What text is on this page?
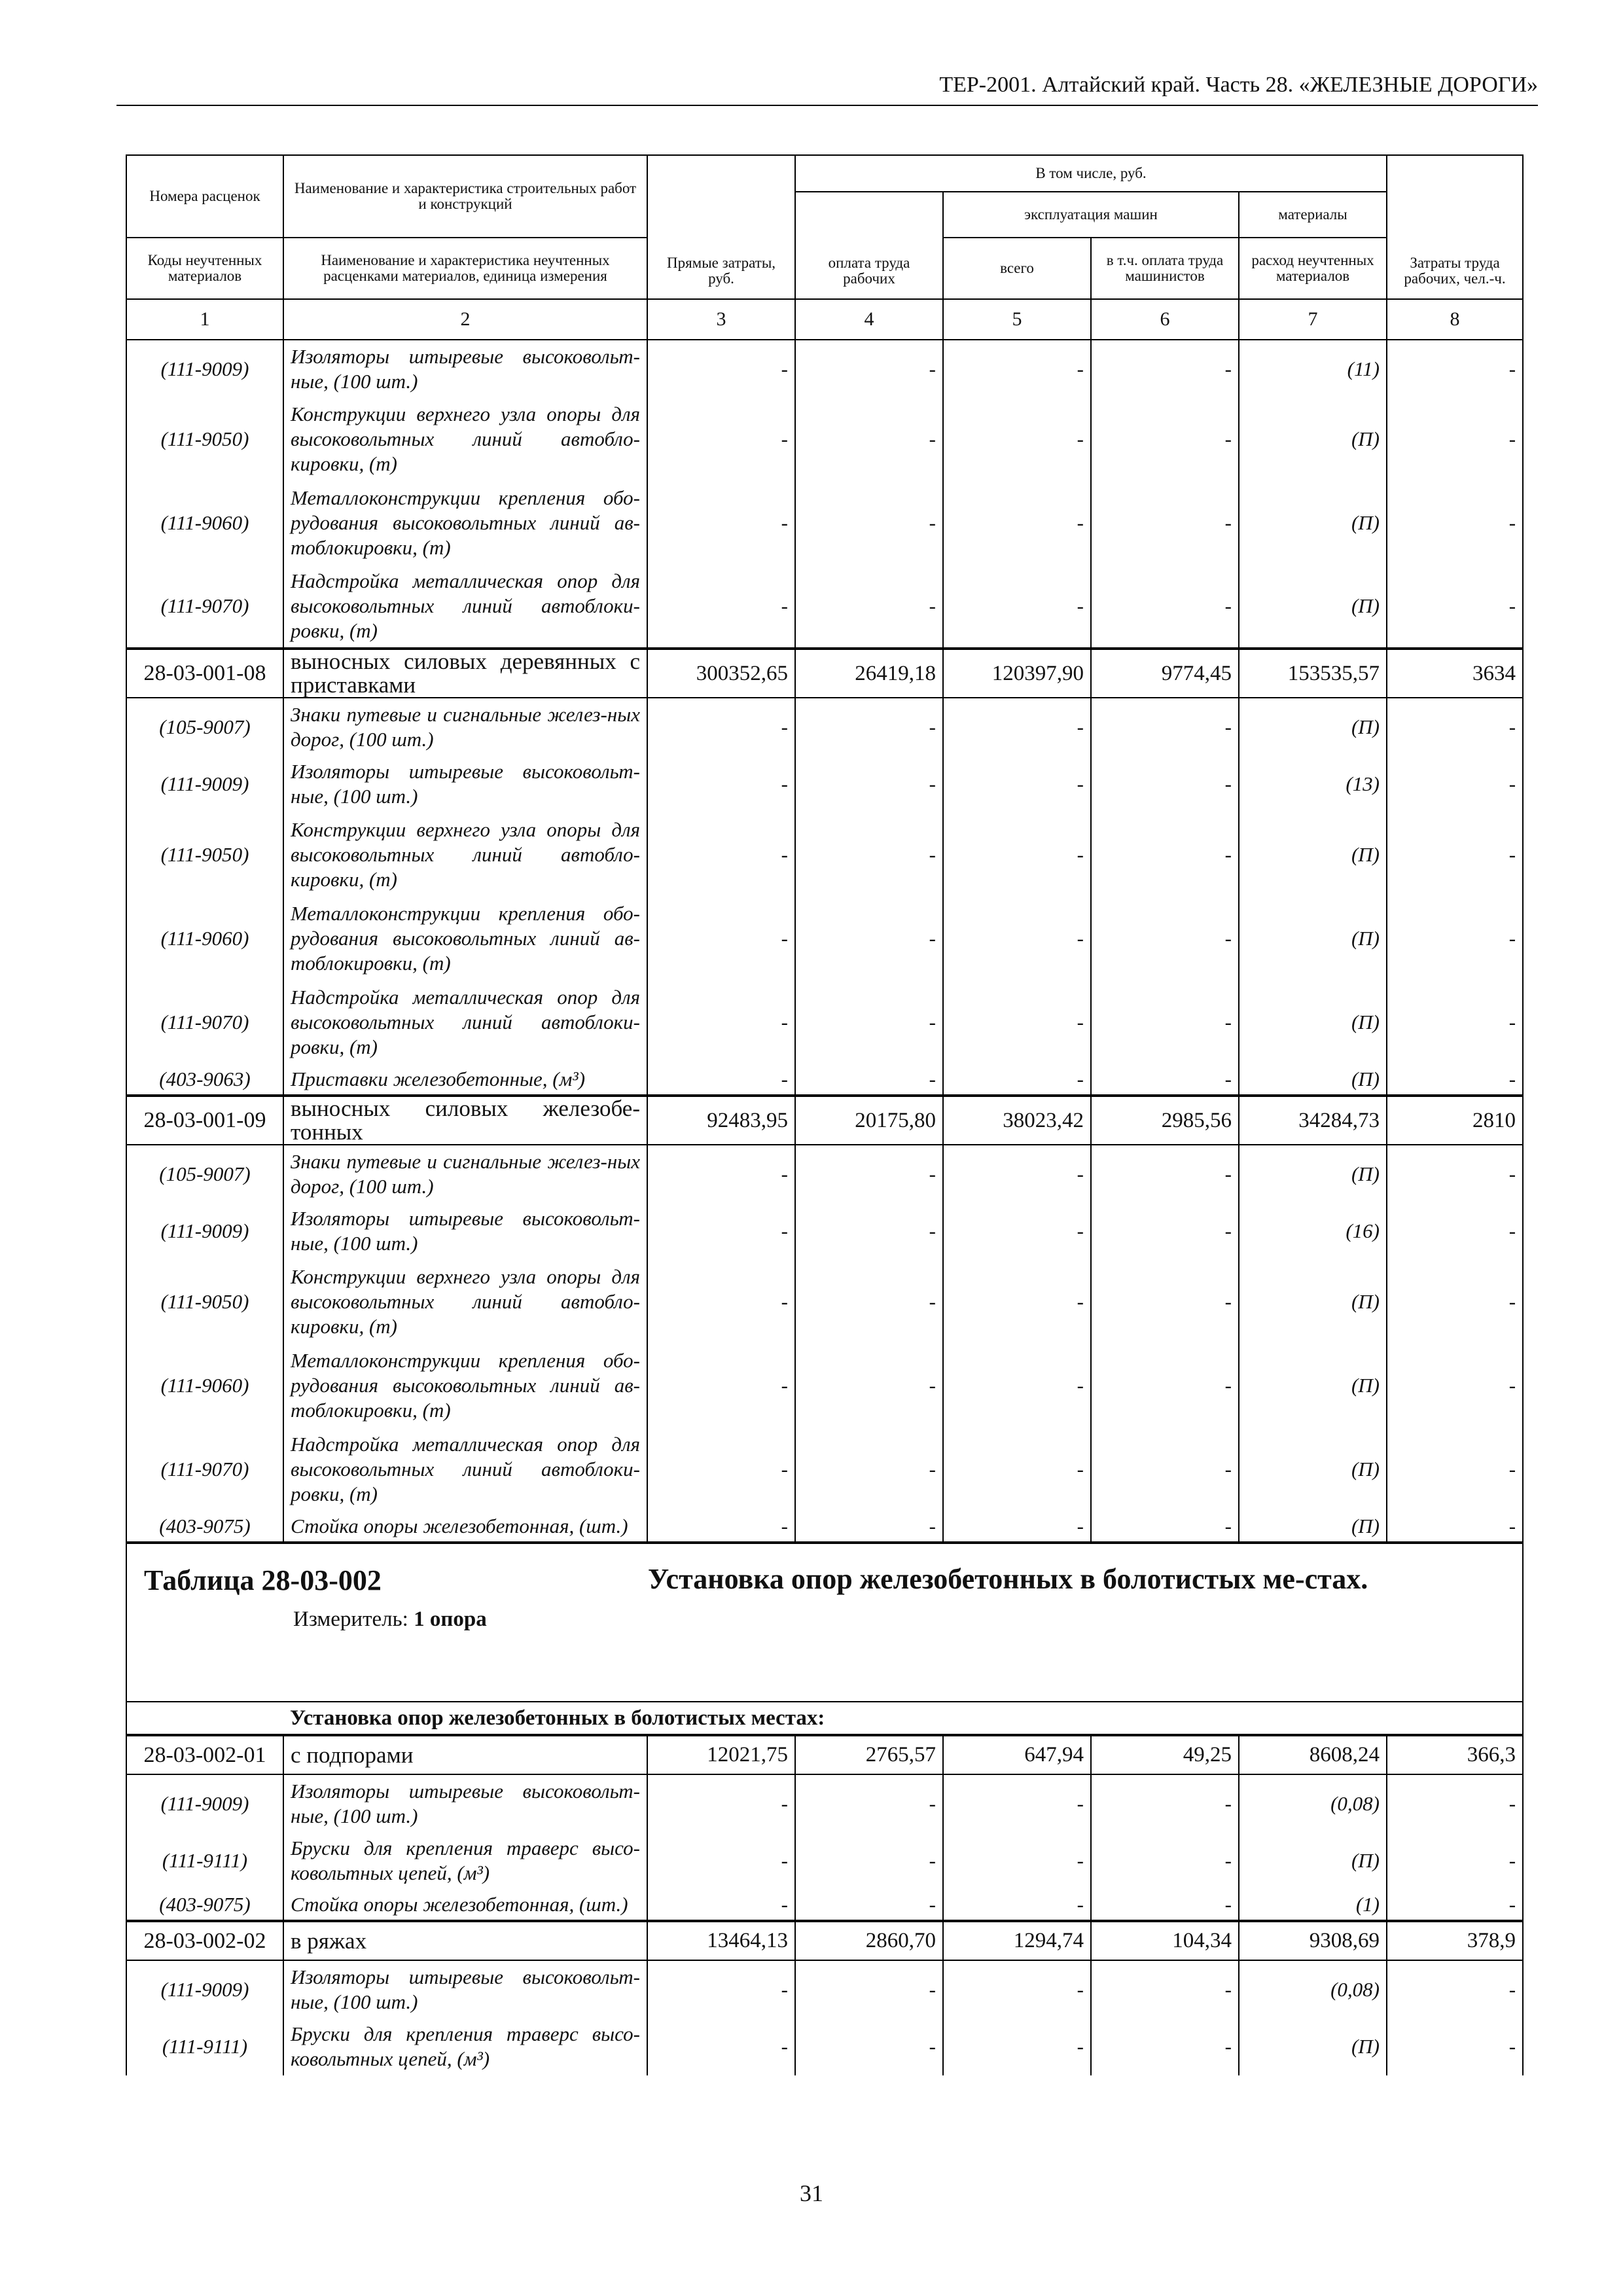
ТЕР-2001. Алтайский край. Часть 28. «ЖЕЛЕЗНЫЕ ДОРОГИ»
Номера расценок	Наименование и характеристика строительных работ и конструкций	Прямые затраты, руб.	В том числе, руб.				Затраты труда рабочих, чел.-ч.
			оплата труда рабочих	эксплуатация машин		материалы	
Коды неучтенных материалов	Наименование и характеристика неучтенных расценками материалов, единица измерения			всего	в т.ч. оплата труда машинистов	расход неучтенных материалов	
1	2	3	4	5	6	7	8
(111-9009)	Изоляторы штыревые высоковольт-ные, (100 шт.)	-	-	-	-	(11)	-
(111-9050)	Конструкции верхнего узла опоры для высоковольтных линий автобло-кировки, (т)	-	-	-	-	(П)	-
(111-9060)	Металлоконструкции крепления обо-рудования высоковольтных линий ав-тоблокировки, (т)	-	-	-	-	(П)	-
(111-9070)	Надстройка металлическая опор для высоковольтных линий автоблоки-ровки, (т)	-	-	-	-	(П)	-
28-03-001-08	выносных силовых деревянных с приставками	300352,65	26419,18	120397,90	9774,45	153535,57	3634
(105-9007)	Знаки путевые и сигнальные желез-ных дорог, (100 шт.)	-	-	-	-	(П)	-
(111-9009)	Изоляторы штыревые высоковольт-ные, (100 шт.)	-	-	-	-	(13)	-
(111-9050)	Конструкции верхнего узла опоры для высоковольтных линий автобло-кировки, (т)	-	-	-	-	(П)	-
(111-9060)	Металлоконструкции крепления обо-рудования высоковольтных линий ав-тоблокировки, (т)	-	-	-	-	(П)	-
(111-9070)	Надстройка металлическая опор для высоковольтных линий автоблоки-ровки, (т)	-	-	-	-	(П)	-
(403-9063)	Приставки железобетонные, (м³)	-	-	-	-	(П)	-
28-03-001-09	выносных силовых железобе-тонных	92483,95	20175,80	38023,42	2985,56	34284,73	2810
(105-9007)	Знаки путевые и сигнальные желез-ных дорог, (100 шт.)	-	-	-	-	(П)	-
(111-9009)	Изоляторы штыревые высоковольт-ные, (100 шт.)	-	-	-	-	(16)	-
(111-9050)	Конструкции верхнего узла опоры для высоковольтных линий автобло-кировки, (т)	-	-	-	-	(П)	-
(111-9060)	Металлоконструкции крепления обо-рудования высоковольтных линий ав-тоблокировки, (т)	-	-	-	-	(П)	-
(111-9070)	Надстройка металлическая опор для высоковольтных линий автоблоки-ровки, (т)	-	-	-	-	(П)	-
(403-9075)	Стойка опоры железобетонная, (шт.)	-	-	-	-	(П)	-

Таблица 28-03-002 Установка опор железобетонных в болотистых ме-стах.
Измеритель: 1 опора							

	Установка опор железобетонных в болотистых местах:						
28-03-002-01	с подпорами	12021,75	2765,57	647,94	49,25	8608,24	366,3
(111-9009)	Изоляторы штыревые высоковольт-ные, (100 шт.)	-	-	-	-	(0,08)	-
(111-9111)	Бруски для крепления траверс высо-ковольтных цепей, (м³)	-	-	-	-	(П)	-
(403-9075)	Стойка опоры железобетонная, (шт.)	-	-	-	-	(1)	-
28-03-002-02	в ряжах	13464,13	2860,70	1294,74	104,34	9308,69	378,9
(111-9009)	Изоляторы штыревые высоковольт-ные, (100 шт.)	-	-	-	-	(0,08)	-
(111-9111)	Бруски для крепления траверс высо-ковольтных цепей, (м³)	-	-	-	-	(П)	-
31
